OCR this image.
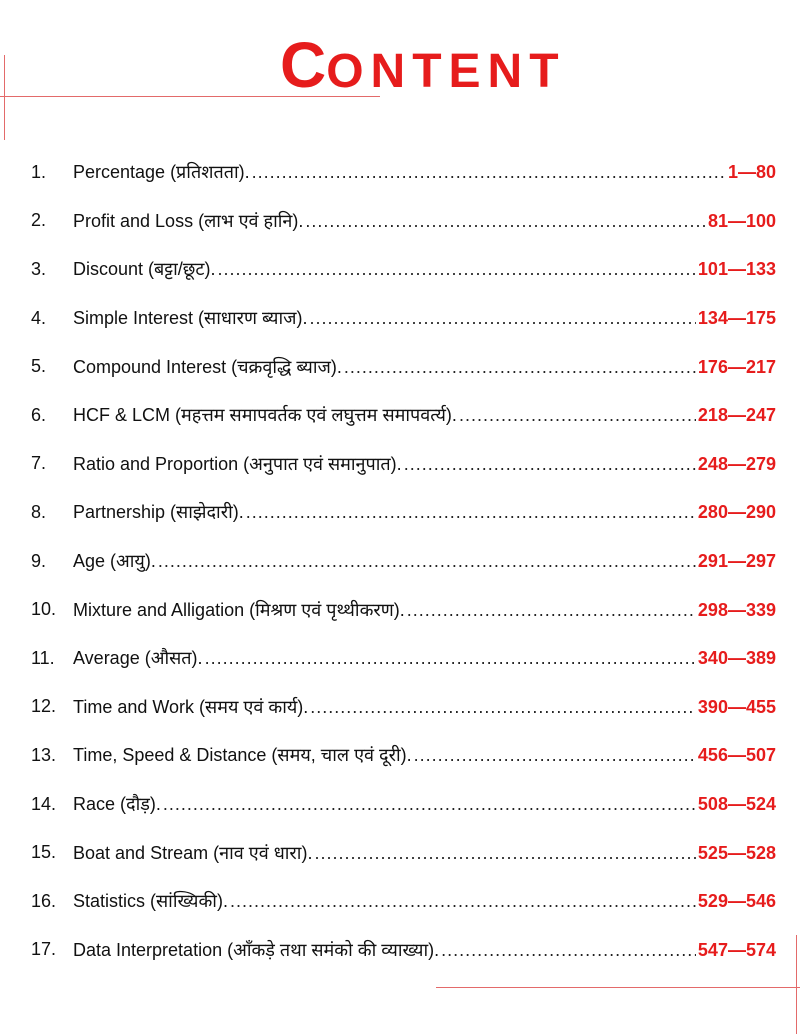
CONTENT
1.	Percentage (प्रतिशतता). .....	1—80
2.	Profit and Loss (लाभ एवं हानि). .....	81—100
3.	Discount (बट्टा/छूट). .....	101—133
4.	Simple Interest (साधारण ब्याज). .....	134—175
5.	Compound Interest (चक्रवृद्धि ब्याज). .....	176—217
6.	HCF & LCM (महत्तम समापवर्तक एवं लघुत्तम समापवर्त्य). .....	218—247
7.	Ratio and Proportion (अनुपात एवं समानुपात). .....	248—279
8.	Partnership (साझेदारी). .....	280—290
9.	Age (आयु). .....	291—297
10. Mixture and Alligation (मिश्रण एवं पृथ्थीकरण). .....	298—339
11.	Average (औसत). .....	340—389
12. Time and Work (समय एवं कार्य). .....	390—455
13. Time, Speed & Distance (समय, चाल एवं दूरी). .....	456—507
14. Race (दौड़). .....	508—524
15. Boat and Stream (नाव एवं धारा). .....	525—528
16. Statistics (सांख्यिकी). .....	529—546
17. Data Interpretation (आँकड़े तथा समंको की व्याख्या). .....	547—574
